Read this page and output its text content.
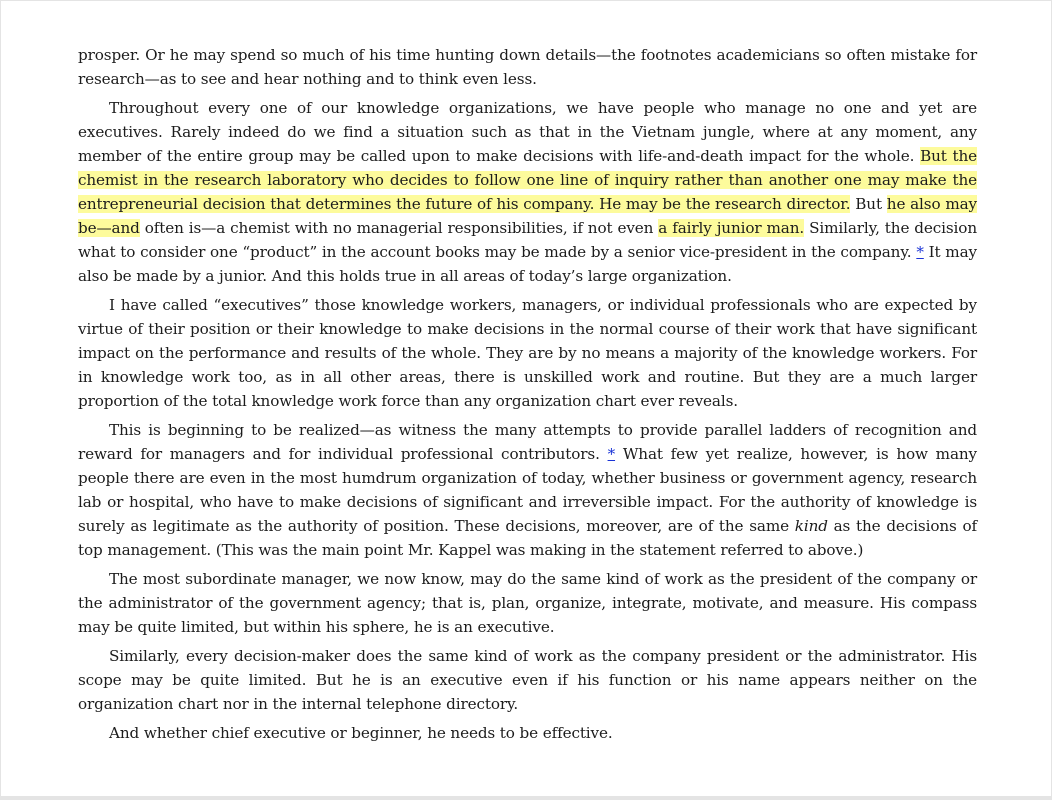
prosper. Or he may spend so much of his time hunting down details—the footnotes academicians so often mistake for research—as to see and hear nothing and to think even less.

Throughout every one of our knowledge organizations, we have people who manage no one and yet are executives. Rarely indeed do we find a situation such as that in the Vietnam jungle, where at any moment, any member of the entire group may be called upon to make decisions with life-and-death impact for the whole. But the chemist in the research laboratory who decides to follow one line of inquiry rather than another one may make the entrepreneurial decision that determines the future of his company. He may be the research director. But he also may be—and often is—a chemist with no managerial responsibilities, if not even a fairly junior man. Similarly, the decision what to consider one “product” in the account books may be made by a senior vice-president in the company. * It may also be made by a junior. And this holds true in all areas of today’s large organization.

I have called “executives” those knowledge workers, managers, or individual professionals who are expected by virtue of their position or their knowledge to make decisions in the normal course of their work that have significant impact on the performance and results of the whole. They are by no means a majority of the knowledge workers. For in knowledge work too, as in all other areas, there is unskilled work and routine. But they are a much larger proportion of the total knowledge work force than any organization chart ever reveals.

This is beginning to be realized—as witness the many attempts to provide parallel ladders of recognition and reward for managers and for individual professional contributors. * What few yet realize, however, is how many people there are even in the most humdrum organization of today, whether business or government agency, research lab or hospital, who have to make decisions of significant and irreversible impact. For the authority of knowledge is surely as legitimate as the authority of position. These decisions, moreover, are of the same kind as the decisions of top management. (This was the main point Mr. Kappel was making in the statement referred to above.)

The most subordinate manager, we now know, may do the same kind of work as the president of the company or the administrator of the government agency; that is, plan, organize, integrate, motivate, and measure. His compass may be quite limited, but within his sphere, he is an executive.

Similarly, every decision-maker does the same kind of work as the company president or the administrator. His scope may be quite limited. But he is an executive even if his function or his name appears neither on the organization chart nor in the internal telephone directory.

And whether chief executive or beginner, he needs to be effective.
